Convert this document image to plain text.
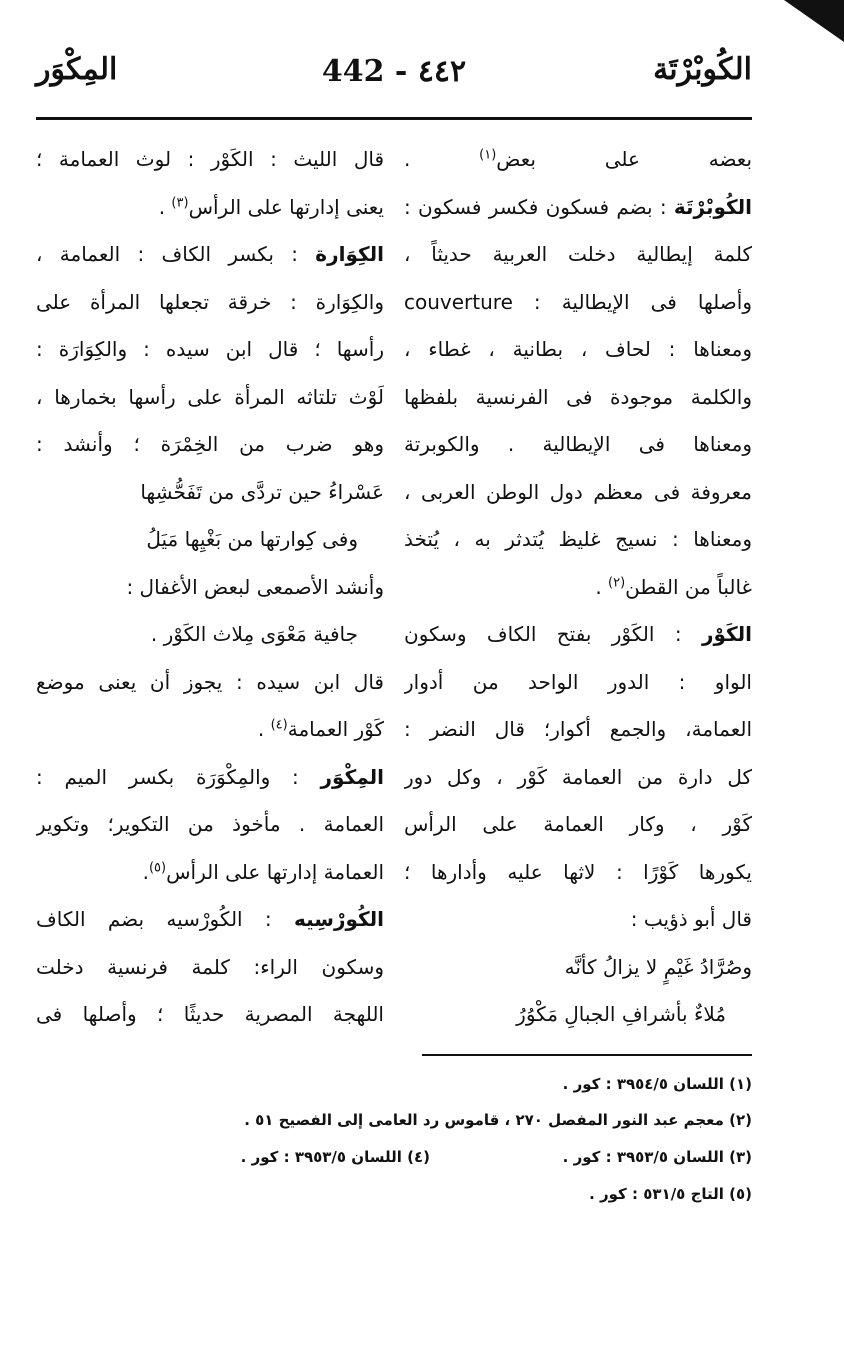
الكُوبْرْتَة
442 - ٤٤٢
المِكْوَر
بعضه على بعض$^{(١)}$ .
الكُوبْرْتَة : بضم فسكون فكسر فسكون :
كلمة إيطالية دخلت العربية حديثاً ،
وأصلها فى الإيطالية : couverture
ومعناها : لحاف ، بطانية ، غطاء ،
والكلمة موجودة فى الفرنسية بلفظها
ومعناها فى الإيطالية . والكوبرتة
معروفة فى معظم دول الوطن العربى ،
ومعناها : نسيج غليظ يُتدثر به ، يُتخذ
غالباً من القطن$^{(٢)}$ .
الكَوْر : الكَوْر بفتح الكاف وسكون
الواو : الدور الواحد من أدوار
العمامة، والجمع أكوار؛ قال النضر :
كل دارة من العمامة كَوْر ، وكل دور
كَوْر ، وكار العمامة على الرأس
يكورها كَوْرًا : لاثها عليه وأدارها ؛
قال أبو ذؤيب :
وصُرَّادُ غَيْمٍ لا يزالُ كأنَّه
مُلاءٌ بأشرافِ الجبالِ مَكْوُرُ
قال الليث : الكَوْر : لوث العمامة ؛
يعنى إدارتها على الرأس$^{(٣)}$ .
الكِوَارة : بكسر الكاف : العمامة ،
والكِوَارة : خرقة تجعلها المرأة على
رأسها ؛ قال ابن سيده : والكِوَارَة :
لَوْث تلتاثه المرأة على رأسها بخمارها ،
وهو ضرب من الخِمْرَة ؛ وأنشد :
عَسْراءُ حين تردَّى من تَفَحُّشِها
وفى كِوارتها من بَغْيِها مَيَلُ
وأنشد الأصمعى لبعض الأغفال :
جافية مَعْوَى مِلاث الكَوْر .
قال ابن سيده : يجوز أن يعنى موضع
كَوْر العمامة$^{(٤)}$ .
المِكْوَر : والمِكْوَرَة بكسر الميم :
العمامة . مأخوذ من التكوير؛ وتكوير
العمامة إدارتها على الرأس$^{(٥)}$.
الكُورْسِيه : الكُورْسيه بضم الكاف
وسكون الراء: كلمة فرنسية دخلت
اللهجة المصرية حديثًا ؛ وأصلها فى
(١) اللسان ٣٩٥٤/٥ : كور .
(٢) معجم عبد النور المفصل ٢٧٠ ، قاموس رد العامى إلى الفصيح ٥١ .
(٣) اللسان ٣٩٥٣/٥ : كور .
(٤) اللسان ٣٩٥٣/٥ : كور .
(٥) التاج ٥٣١/٥ : كور .
